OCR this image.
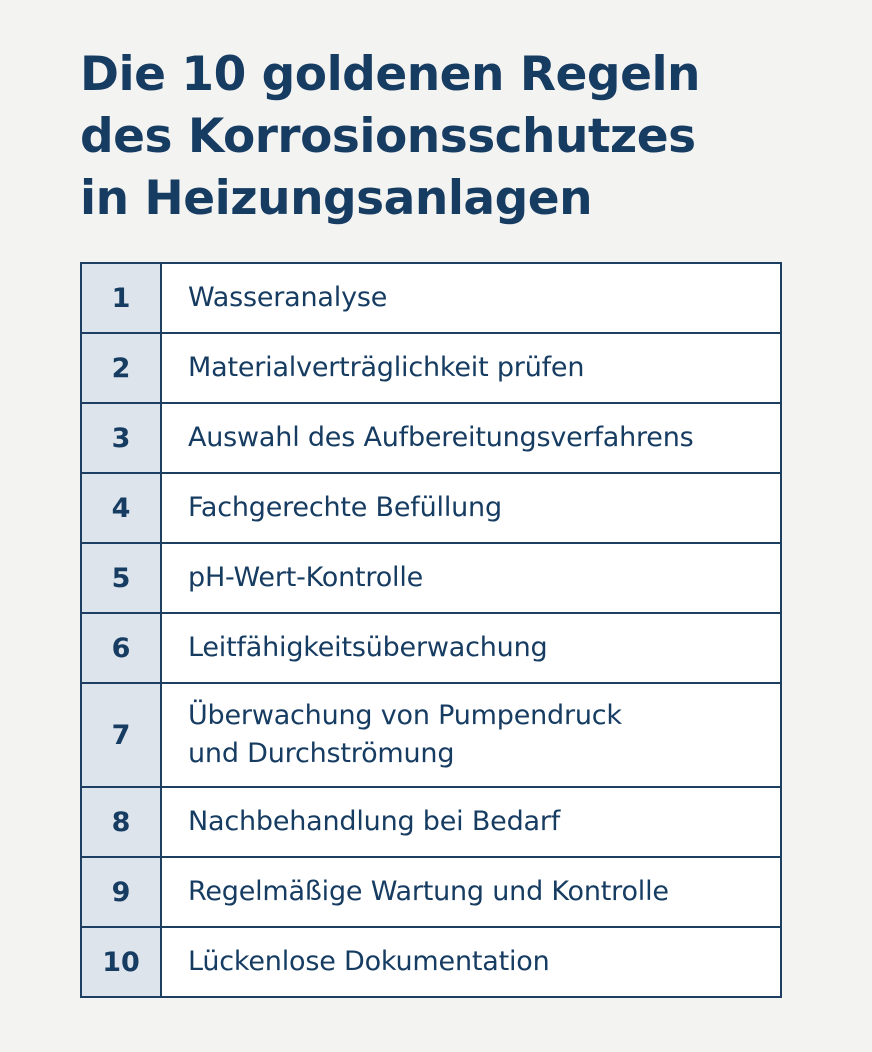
Die 10 goldenen Regeln
des Korrosionsschutzes
in Heizungsanlagen
1	Wasseranalyse
2	Materialverträglichkeit prüfen
3	Auswahl des Aufbereitungsverfahrens
4	Fachgerechte Befüllung
5	pH-Wert-Kontrolle
6	Leitfähigkeitsüberwachung
7	Überwachung von Pumpendruck
und Durchströmung

8	Nachbehandlung bei Bedarf
9	Regelmäßige Wartung und Kontrolle
10	Lückenlose Dokumentation
